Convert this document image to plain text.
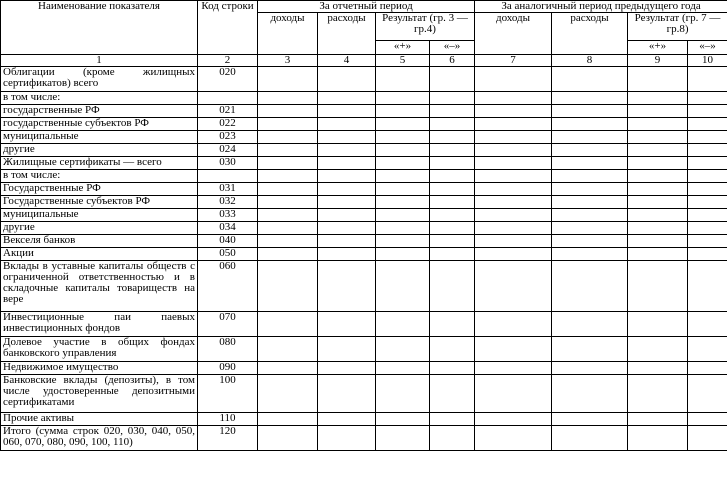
Наименование показателя	Код строки	За отчетный период				За аналогичный период предыдущего года			
		доходы	расходы	Результат (гр. 3 — гр.4)		доходы	расходы	Результат (гр. 7 — гр.8)	
				«+»	«–»			«+»	«–»
1	2	3	4	5	6	7	8	9	10
Облигации (кроме жилищных сертификатов) всего	020								
в том числе:									
государственные РФ	021								
государственные субъектов РФ	022								
муниципальные	023								
другие	024								
Жилищные сертификаты — всего	030								
в том числе:									
Государственные РФ	031								
Государственные субъектов РФ	032								
муниципальные	033								
другие	034								
Векселя банков	040								
Акции	050								
Вклады в уставные капиталы обществ с ограниченной ответственностью и в складочные капиталы товариществ на вере	060								
Инвестиционные паи паевых инвестиционных фондов	070								
Долевое участие в общих фондах банковского управления	080								
Недвижимое имущество	090								
Банковские вклады (депозиты), в том числе удостоверенные депозитными сертификатами	100								
Прочие активы	110								
Итого (сумма строк 020, 030, 040, 050, 060, 070, 080, 090, 100, 110)	120								
